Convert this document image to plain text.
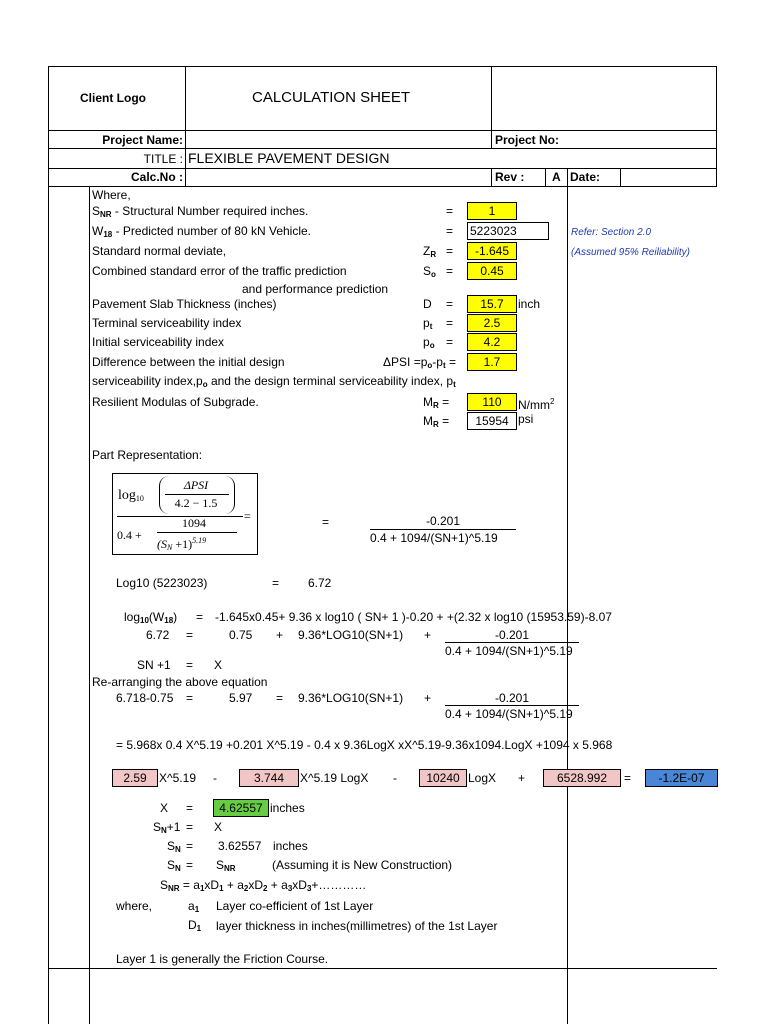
Client Logo	CALCULATION SHEET
Project Name:	Project No:
TITLE : FLEXIBLE PAVEMENT DESIGN
Calc.No :	Rev : A Date:
Where,
$S_{NR}$ - Structural Number required inches.	=	1
$W_{18}$ - Predicted number of 80 kN Vehicle.	= 5223023	Refer: Section 2.0
Standard normal deviate,	$Z_R$ =	-1.645	(Assumed 95% Reiliability)
Combined standard error of the traffic prediction	$S_o$ =	0.45
and performance prediction
Pavement Slab Thickness (inches)	D =	15.7	inch
Terminal serviceability index	$p_t$ =	2.5
Initial serviceability index	$p_o$ =	4.2
Difference between the initial design	$\Delta PSI =p_o-p_t$ =	1.7
serviceability $index,p_o$ and the design terminal serviceability index, $p_t$
Resilient Modulas of Subgrade.	$M_R$ =	110	$N/mm^2$
$M_R$ =	15954 psi
Part Representation:
$\log_{10}$
ΔPSI
4.2 − 1.5
=
0.4 +
1094
$(S_N +1)^{5.19}$
=	-0.201
0.4 + 1094/(SN+1)^5.19
Log10 (5223023)	= 6.72
$\log_{10}(W_{18}) = -1.645x0.45+ 9.36$ x log10 ( SN+ 1 )-0.20 + +(2.32 x log10 (15953.59)-8.07
6.72 =	0.75 + 9.36*LOG10(SN+1) +	-0.201
0.4 + 1094/(SN+1)^5.19
SN +1 = X
Re-arranging the above equation
6.718-0.75 =	5.97 = 9.36*LOG10(SN+1) +	-0.201
0.4 + 1094/(SN+1)^5.19
= 5.968x 0.4 X^5.19 +0.201 X^5.19 - 0.4 x 9.36LogX xX^5.19-9.36x1094.LogX +1094 x 5.968
2.59	X^5.19 -	3.744	X^5.19 LogX -	10240 LogX +	6528.992	=	-1.2E-07
X =	4.62557 inches
$S_N+1 = X$
$S_N = 3.62557$ inches
$S_N = S_{NR}$	(Assuming it is New Construction)
$S_{NR} = a_1xD_1 + a_2xD_2$ + $a_3xD_3+\dots\dots\dots\dots$
where,	$a_1$ Layer co-efficient of 1st Layer
$D_1$ layer thickness in inches(millimetres) of the 1st Layer
Layer 1 is generally the Friction Course.
